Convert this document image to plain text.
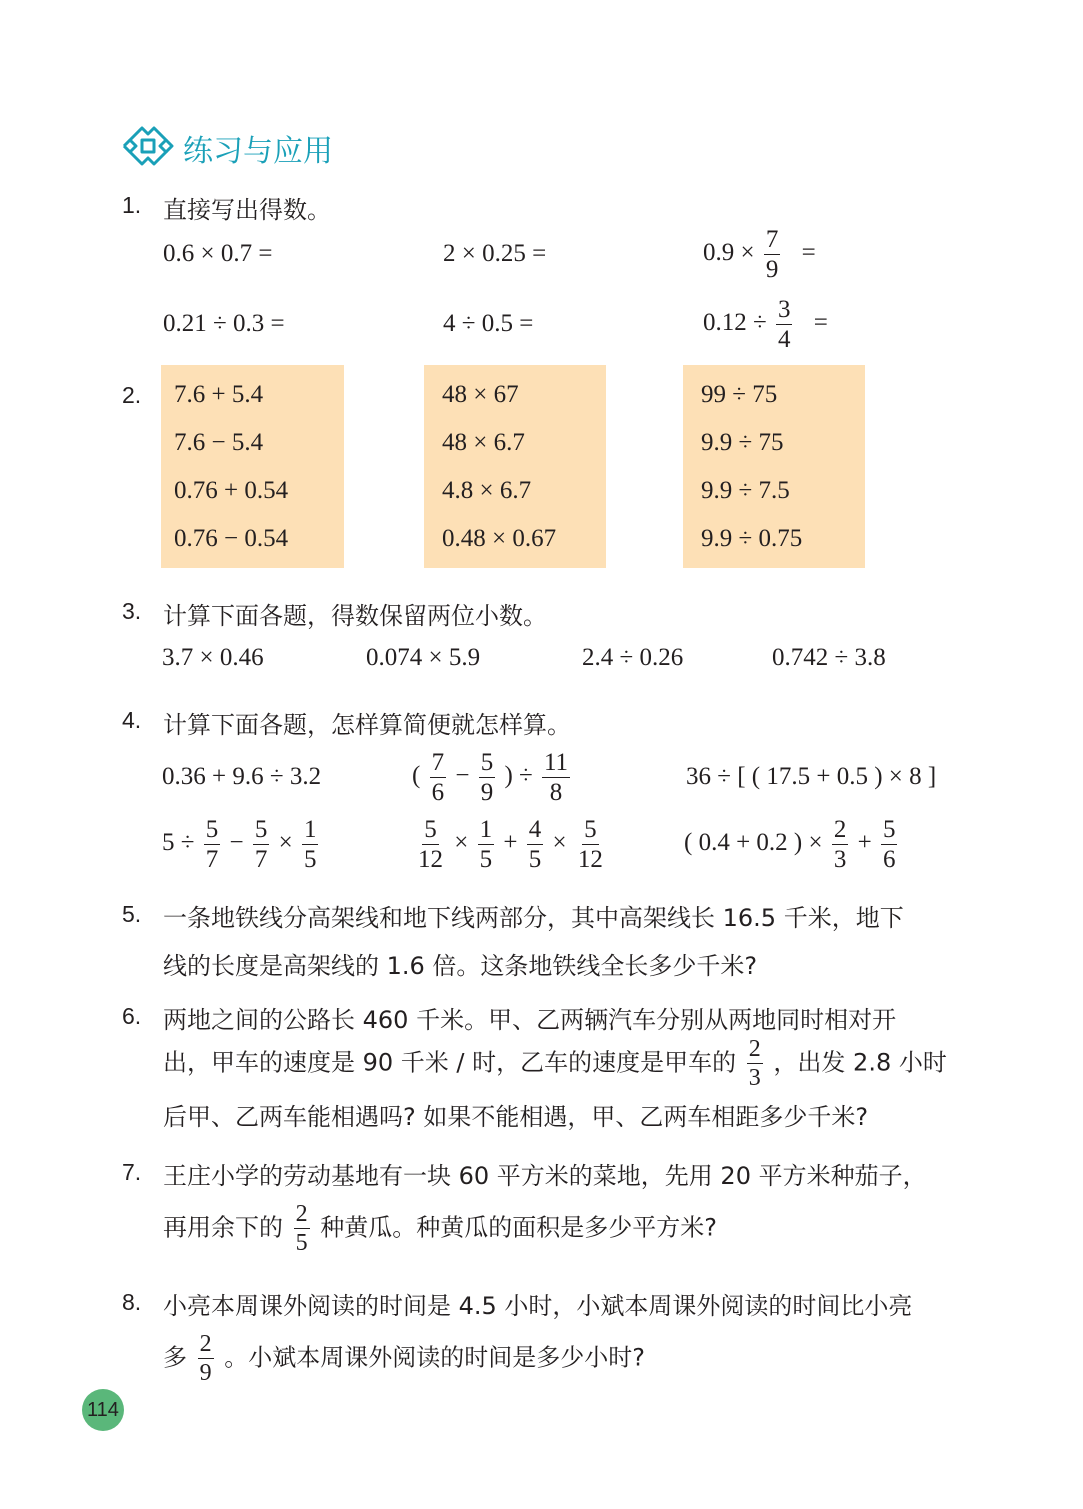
练习与应用
1. 直接写出得数。
0.6 × 0.7 =	2 × 0.25 =	$0.9 \times \frac{7}{9}$ =
0.21 ÷ 0.3 =	4 ÷ 0.5 =	$0.12 \div \frac{3}{4}$ =
2. 7.6 + 5.4
7.6 − 5.4
0.76 + 0.54
0.76 − 0.54
48 × 67
48 × 6.7
4.8 × 6.7
0.48 × 0.67
99 ÷ 75
9.9 ÷ 75
9.9 ÷ 7.5
9.9 ÷ 0.75
3. 计算下面各题，得数保留两位小数。
3.7 × 0.46	0.074 × 5.9	2.4 ÷ 0.26	0.742 ÷ 3.8
4. 计算下面各题，怎样算简便就怎样算。
0.36 + 9.6 ÷ 3.2	( $\frac{7}{6} - \frac{5}{9}$ ) ÷ $\frac{11}{8}$	36 ÷ [ ( 17.5 + 0.5 ) × 8 ]
$5 \div \frac{5}{7} - \frac{5}{7} \times \frac{1}{5}$	$\frac{5}{12} \times \frac{1}{5} + \frac{4}{5} \times \frac{5}{12}$	( 0.4 + 0.2 ) × $\frac{2}{3} + \frac{5}{6}$
5. 一条地铁线分高架线和地下线两部分，其中高架线长 16.5 千米，地下
线的长度是高架线的 1.6 倍。这条地铁线全长多少千米?
6. 两地之间的公路长 460 千米。甲、乙两辆汽车分别从两地同时相对开
出，甲车的速度是 90 千米 / 时，乙车的速度是甲车的 $\frac{2}{3}$ ，出发 2.8 小时
后甲、乙两车能相遇吗? 如果不能相遇，甲、乙两车相距多少千米?
7. 王庄小学的劳动基地有一块 60 平方米的菜地，先用 20 平方米种茄子，
再用余下的 $\frac{2}{5}$ 种黄瓜。种黄瓜的面积是多少平方米?
8. 小亮本周课外阅读的时间是 4.5 小时，小斌本周课外阅读的时间比小亮
多 $\frac{2}{9}$ 。小斌本周课外阅读的时间是多少小时?
114
